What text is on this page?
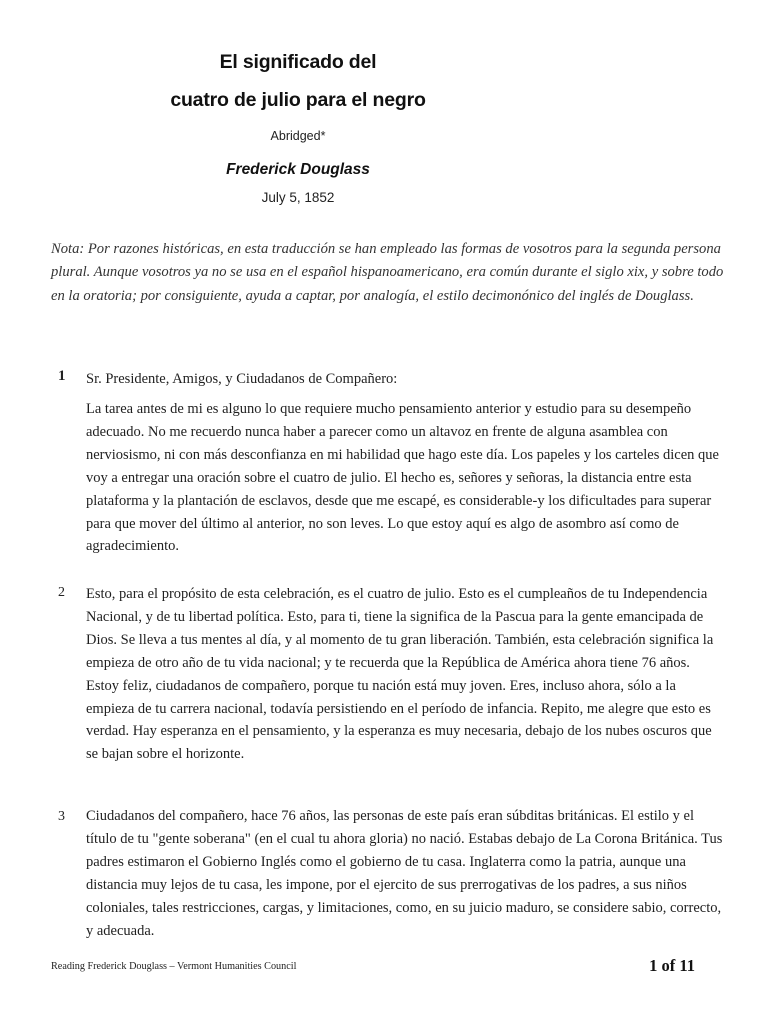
El significado del
cuatro de julio para el negro
Abridged*
Frederick Douglass
July 5, 1852
Nota: Por razones históricas, en esta traducción se han empleado las formas de vosotros para la segunda persona plural. Aunque vosotros ya no se usa en el español hispanoamericano, era común durante el siglo xix, y sobre todo en la oratoria; por consiguiente, ayuda a captar, por analogía, el estilo decimonónico del inglés de Douglass.
1 Sr. Presidente, Amigos, y Ciudadanos de Compañero:

La tarea antes de mi es alguno lo que requiere mucho pensamiento anterior y estudio para su desempeño adecuado. No me recuerdo nunca haber a parecer como un altavoz en frente de alguna asamblea con nerviosismo, ni con más desconfianza en mi habilidad que hago este día. Los papeles y los carteles dicen que voy a entregar una oración sobre el cuatro de julio. El hecho es, señores y señoras, la distancia entre esta plataforma y la plantación de esclavos, desde que me escapé, es considerable-y los dificultades para superar para que mover del último al anterior, no son leves. Lo que estoy aquí es algo de asombro así como de agradecimiento.

2 Esto, para el propósito de esta celebración, es el cuatro de julio. Esto es el cumpleaños de tu Independencia Nacional, y de tu libertad política. Esto, para ti, tiene la significa de la Pascua para la gente emancipada de Dios. Se lleva a tus mentes al día, y al momento de tu gran liberación. También, esta celebración significa la empieza de otro año de tu vida nacional; y te recuerda que la República de América ahora tiene 76 años. Estoy feliz, ciudadanos de compañero, porque tu nación está muy joven. Eres, incluso ahora, sólo a la empieza de tu carrera nacional, todavía persistiendo en el período de infancia. Repito, me alegre que esto es verdad. Hay esperanza en el pensamiento, y la esperanza es muy necesaria, debajo de los nubes oscuros que se bajan sobre el horizonte.

3 Ciudadanos del compañero, hace 76 años, las personas de este país eran súbditas británicas. El estilo y el título de tu "gente soberana" (en el cual tu ahora gloria) no nació. Estabas debajo de La Corona Británica. Tus padres estimaron el Gobierno Inglés como el gobierno de tu casa. Inglaterra como la patria, aunque una distancia muy lejos de tu casa, les impone, por el ejercito de sus prerrogativas de los padres, a sus niños coloniales, tales restricciones, cargas, y limitaciones, como, en su juicio maduro, se considere sabio, correcto, y adecuada.

Reading Frederick Douglass – Vermont Humanities Council	1 of 11
